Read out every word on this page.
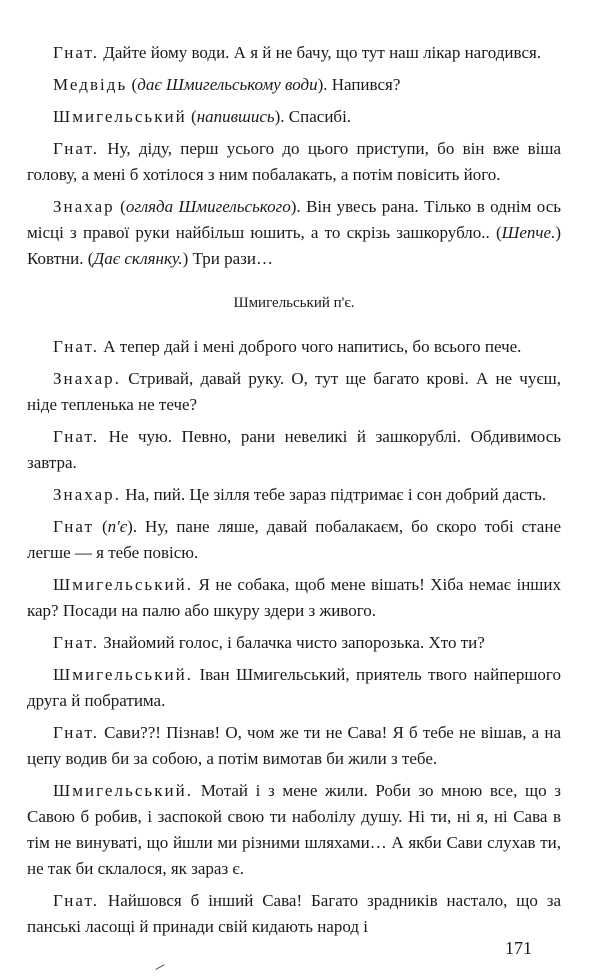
Гнат. Дайте йому води. А я й не бачу, що тут наш лікар нагодився.

Медвідь (дає Шмигельському води). Напився?

Шмигельський (напившись). Спасибі.

Гнат. Ну, діду, перш усього до цього приступи, бо він вже віша голову, а мені б хотілося з ним побалакать, а потім повісить його.

Знахар (огляда Шмигельського). Він увесь рана. Тілько в однім ось місці з правої руки найбільш юшить, а то скрізь зашкорубло.. (Шепче.) Ковтни. (Дає склянку.) Три рази…

Шмигельський п'є.

Гнат. А тепер дай і мені доброго чого напитись, бо всього пече.

Знахар. Стривай, давай руку. О, тут ще багато крові. А не чуєш, ніде тепленька не тече?

Гнат. Не чую. Певно, рани невеликі й зашкорублі. Обдивимось завтра.

Знахар. На, пий. Це зілля тебе зараз підтримає і сон добрий дасть.

Гнат (п'є). Ну, пане ляше, давай побалакаєм, бо скоро тобі стане легше — я тебе повісю.

Шмигельський. Я не собака, щоб мене вішать! Хіба немає інших кар? Посади на палю або шкуру здери з живого.

Гнат. Знайомий голос, і балачка чисто запорозька. Хто ти?

Шмигельський. Іван Шмигельський, приятель твого найпершого друга й побратима.

Гнат. Сави??! Пізнав! О, чом же ти не Сава! Я б тебе не вішав, а на цепу водив би за собою, а потім вимотав би жили з тебе.

Шмигельський. Мотай і з мене жили. Роби зо мною все, що з Савою б робив, і заспокой свою ти наболілу душу. Ні ти, ні я, ні Сава в тім не винуваті, що йшли ми різними шляхами… А якби Сави слухав ти, не так би склалося, як зараз є.

Гнат. Найшовся б інший Сава! Багато зрадників настало, що за панські ласощі й принади свій кидають народ і

171
